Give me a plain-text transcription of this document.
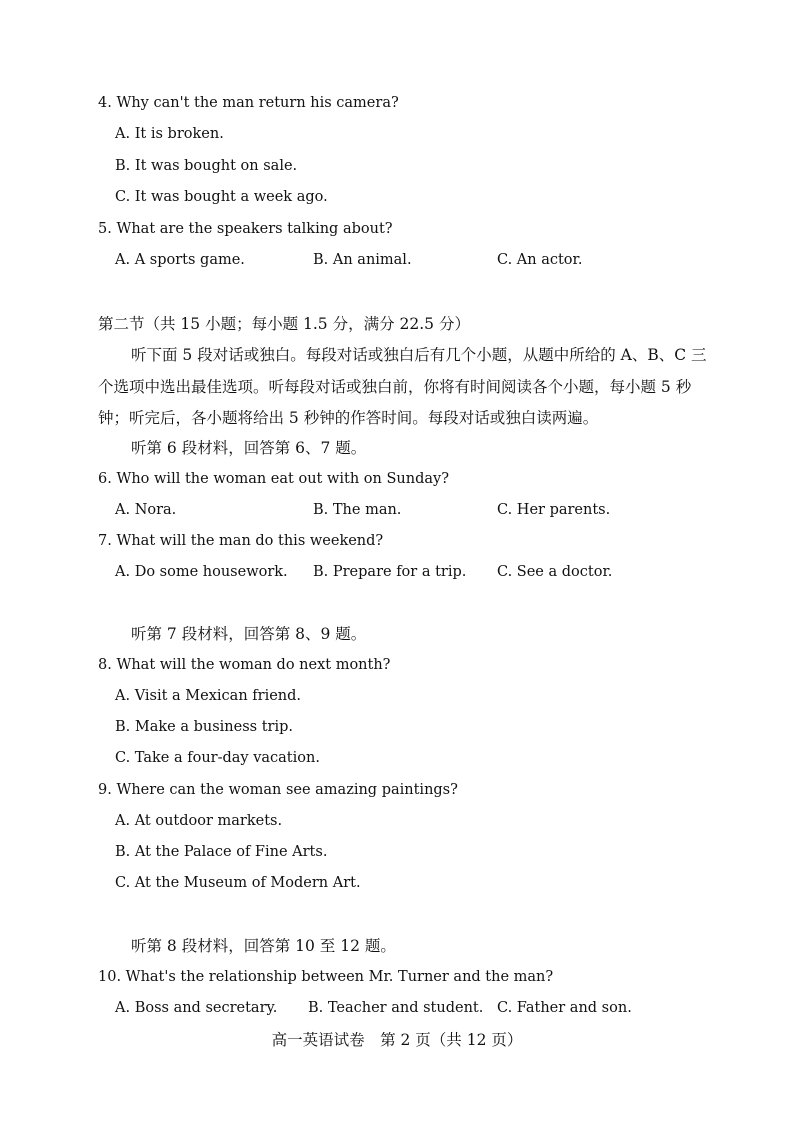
4. Why can't the man return his camera?
A. It is broken.
B. It was bought on sale.
C. It was bought a week ago.
5. What are the speakers talking about?
A. A sports game.	B. An animal.	C. An actor.
第二节（共 15 小题；每小题 1.5 分，满分 22.5 分）
听下面 5 段对话或独白。每段对话或独白后有几个小题，从题中所给的 A、B、C 三
个选项中选出最佳选项。听每段对话或独白前，你将有时间阅读各个小题，每小题 5 秒
钟；听完后，各小题将给出 5 秒钟的作答时间。每段对话或独白读两遍。
听第 6 段材料，回答第 6、7 题。
6. Who will the woman eat out with on Sunday?
A. Nora.	B. The man.	C. Her parents.
7. What will the man do this weekend?
A. Do some housework. B. Prepare for a trip. C. See a doctor.
听第 7 段材料，回答第 8、9 题。
8. What will the woman do next month?
A. Visit a Mexican friend.
B. Make a business trip.
C. Take a four-day vacation.
9. Where can the woman see amazing paintings?
A. At outdoor markets.
B. At the Palace of Fine Arts.
C. At the Museum of Modern Art.
听第 8 段材料，回答第 10 至 12 题。
10. What's the relationship between Mr. Turner and the man?
A. Boss and secretary. B. Teacher and student. C. Father and son.
高一英语试卷　第 2 页（共 12 页）
